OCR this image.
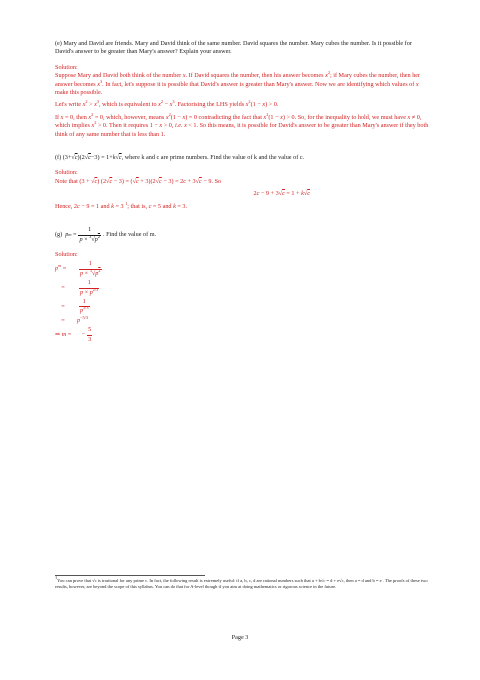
(e) Mary and David are friends. Mary and David think of the same number. David squares the number. Mary cubes the number. Is it possible for David's answer to be greater than Mary's answer? Explain your answer.

Solution:

Suppose Mary and David both think of the number x. If David squares the number, then his answer becomes $x^2$; if Mary cubes the number, then her answer becomes $x^3$. In fact, let's suppose it is possible that David's answer is greater than Mary's answer. Now we are identifying which values of x make this possible.

Let's write $x^2 > x^3$, which is equivalent to $x^2 - x^3$. Factorising the LHS yields $x^2(1 - x) > 0$.

If x = 0, then $x^2 = 0$, which, however, means $x^2(1 - x) = 0$ contradicting the fact that $x^2(1 - x) > 0$. So, for the inequality to hold, we must have x ≠ 0, which implies $x^2 > 0$. Then it requires 1 − x > 0, i.e. x < 1. So this means, it is possible for David's answer to be greater than Mary's answer if they both think of any same number that is less than 1.

(f) (3+√c)(2√c−3) = 1+k√c, where k and c are prime numbers. Find the value of k and the value of c.

Solution:

Note that (3 + √c) (2√c − 3) = (√c + 3)(2√c − 3) = 2c + 3√c − 9. So

2c − 9 + 3√c = 1 + k√c

Hence, 2c − 9 = 1 and k = 3 $^1$; that is, c = 5 and k = 3.

(g) p $m = \frac{1}{p \times ^3√p^2}$ . Find the value of m.

Solution:

$p^m$ =	$\frac{1}{p \times ^3√p^2}$
=	$\frac{1}{p \times p^{2/3}}$
=	$\frac{1}{p^{5/3}}$
=	$p^{-5/3}$
⇒ m = − $\frac{5}{3}$
$^1$You can prove that √c is irrational for any prime c. In fact, the following result is extremely useful: if a, b, c, d are rational numbers such that a + b√c = d + e√c, then a = d and b = e . The proofs of these two results, however, are beyond the scope of this syllabus. You can do that for A-level though if you aim at doing mathematics or rigorous science in the future.
Page 3
